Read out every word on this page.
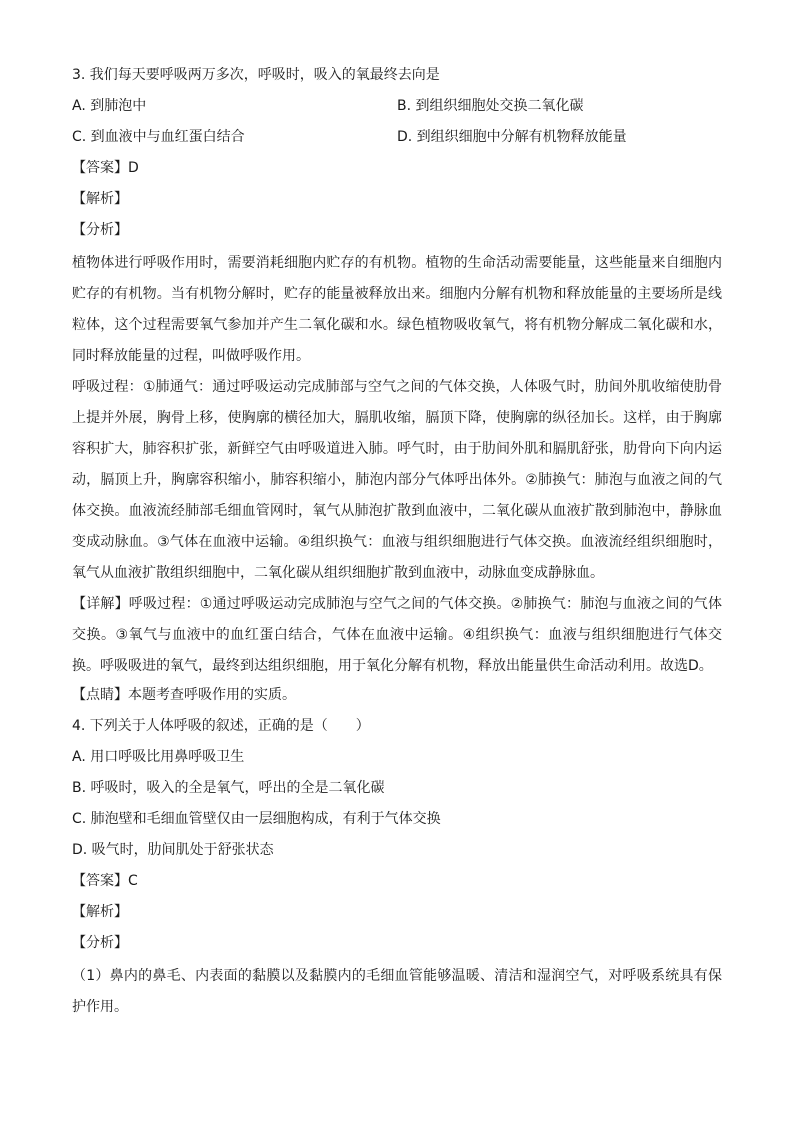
3. 我们每天要呼吸两万多次，呼吸时，吸入的氧最终去向是
A. 到肺泡中	B. 到组织细胞处交换二氧化碳
C. 到血液中与血红蛋白结合	D. 到组织细胞中分解有机物释放能量
【答案】D
【解析】
【分析】
植物体进行呼吸作用时，需要消耗细胞内贮存的有机物。植物的生命活动需要能量，这些能量来自细胞内贮存的有机物。当有机物分解时，贮存的能量被释放出来。细胞内分解有机物和释放能量的主要场所是线粒体，这个过程需要氧气参加并产生二氧化碳和水。绿色植物吸收氧气，将有机物分解成二氧化碳和水，同时释放能量的过程，叫做呼吸作用。
呼吸过程：①肺通气：通过呼吸运动完成肺部与空气之间的气体交换，人体吸气时，肋间外肌收缩使肋骨上提并外展，胸骨上移，使胸廓的横径加大，膈肌收缩，膈顶下降，使胸廓的纵径加长。这样，由于胸廓容积扩大，肺容积扩张，新鲜空气由呼吸道进入肺。呼气时，由于肋间外肌和膈肌舒张，肋骨向下向内运动，膈顶上升，胸廓容积缩小，肺容积缩小，肺泡内部分气体呼出体外。②肺换气：肺泡与血液之间的气体交换。血液流经肺部毛细血管网时，氧气从肺泡扩散到血液中，二氧化碳从血液扩散到肺泡中，静脉血变成动脉血。③气体在血液中运输。④组织换气：血液与组织细胞进行气体交换。血液流经组织细胞时，氧气从血液扩散组织细胞中，二氧化碳从组织细胞扩散到血液中，动脉血变成静脉血。
【详解】呼吸过程：①通过呼吸运动完成肺泡与空气之间的气体交换。②肺换气：肺泡与血液之间的气体交换。③氧气与血液中的血红蛋白结合，气体在血液中运输。④组织换气：血液与组织细胞进行气体交换。呼吸吸进的氧气，最终到达组织细胞，用于氧化分解有机物，释放出能量供生命活动利用。故选D。
【点睛】本题考查呼吸作用的实质。
4. 下列关于人体呼吸的叙述，正确的是（　　）
A. 用口呼吸比用鼻呼吸卫生
B. 呼吸时，吸入的全是氧气，呼出的全是二氧化碳
C. 肺泡壁和毛细血管壁仅由一层细胞构成，有利于气体交换
D. 吸气时，肋间肌处于舒张状态
【答案】C
【解析】
【分析】
（1）鼻内的鼻毛、内表面的黏膜以及黏膜内的毛细血管能够温暖、清洁和湿润空气，对呼吸系统具有保护作用。
